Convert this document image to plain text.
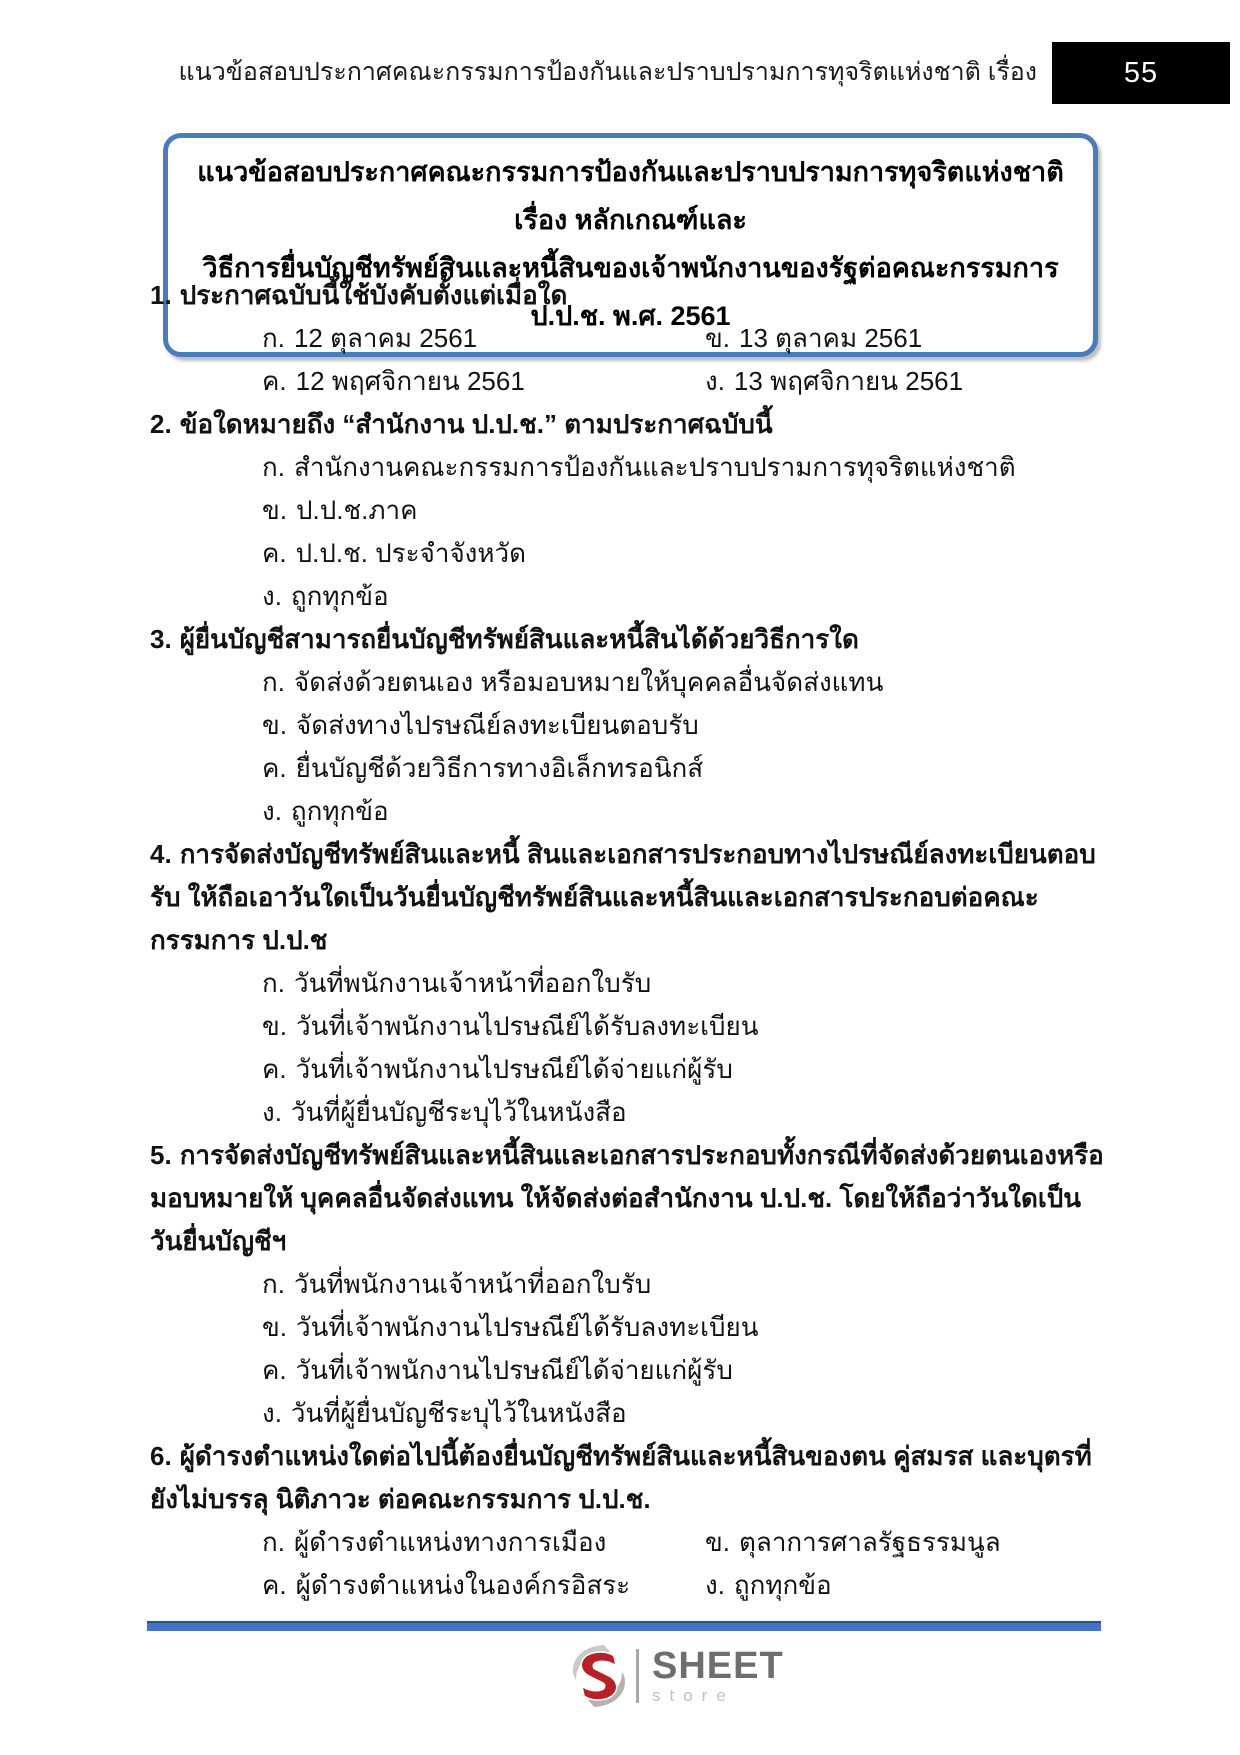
แนวข้อสอบประกาศคณะกรรมการป้องกันและปราบปรามการทุจริตแห่งชาติ เรื่อง	55
แนวข้อสอบประกาศคณะกรรมการป้องกันและปราบปรามการทุจริตแห่งชาติ เรื่อง หลักเกณฑ์และ
วิธีการยื่นบัญชีทรัพย์สินและหนี้สินของเจ้าพนักงานของรัฐต่อคณะกรรมการ ป.ป.ช. พ.ศ. 2561

1. ประกาศฉบับนี้ใช้บังคับตั้งแต่เมื่อใด

ก. 12 ตุลาคม 2561	ข. 13 ตุลาคม 2561

ค. 12 พฤศจิกายน 2561	ง. 13 พฤศจิกายน 2561

2. ข้อใดหมายถึง “สำนักงาน ป.ป.ช.” ตามประกาศฉบับนี้

ก. สำนักงานคณะกรรมการป้องกันและปราบปรามการทุจริตแห่งชาติ

ข. ป.ป.ช.ภาค

ค. ป.ป.ช. ประจำจังหวัด

ง. ถูกทุกข้อ

3. ผู้ยื่นบัญชีสามารถยื่นบัญชีทรัพย์สินและหนี้สินได้ด้วยวิธีการใด

ก. จัดส่งด้วยตนเอง หรือมอบหมายให้บุคคลอื่นจัดส่งแทน

ข. จัดส่งทางไปรษณีย์ลงทะเบียนตอบรับ

ค. ยื่นบัญชีด้วยวิธีการทางอิเล็กทรอนิกส์

ง. ถูกทุกข้อ

4. การจัดส่งบัญชีทรัพย์สินและหนี้ สินและเอกสารประกอบทางไปรษณีย์ลงทะเบียนตอบรับ ให้ถือเอาวันใดเป็นวันยื่นบัญชีทรัพย์สินและหนี้สินและเอกสารประกอบต่อคณะกรรมการ ป.ป.ช

ก. วันที่พนักงานเจ้าหน้าที่ออกใบรับ

ข. วันที่เจ้าพนักงานไปรษณีย์ได้รับลงทะเบียน

ค. วันที่เจ้าพนักงานไปรษณีย์ได้จ่ายแก่ผู้รับ

ง. วันที่ผู้ยื่นบัญชีระบุไว้ในหนังสือ

5. การจัดส่งบัญชีทรัพย์สินและหนี้สินและเอกสารประกอบทั้งกรณีที่จัดส่งด้วยตนเองหรือมอบหมายให้ บุคคลอื่นจัดส่งแทน ให้จัดส่งต่อสำนักงาน ป.ป.ช. โดยให้ถือว่าวันใดเป็นวันยื่นบัญชีฯ

ก. วันที่พนักงานเจ้าหน้าที่ออกใบรับ

ข. วันที่เจ้าพนักงานไปรษณีย์ได้รับลงทะเบียน

ค. วันที่เจ้าพนักงานไปรษณีย์ได้จ่ายแก่ผู้รับ

ง. วันที่ผู้ยื่นบัญชีระบุไว้ในหนังสือ

6. ผู้ดำรงตำแหน่งใดต่อไปนี้ต้องยื่นบัญชีทรัพย์สินและหนี้สินของตน คู่สมรส และบุตรที่ยังไม่บรรลุ นิติภาวะ ต่อคณะกรรมการ ป.ป.ช.

ก. ผู้ดำรงตำแหน่งทางการเมือง	ข. ตุลาการศาลรัฐธรรมนูล

ค. ผู้ดำรงตำแหน่งในองค์กรอิสระ	ง. ถูกทุกข้อ

SHEET
store
